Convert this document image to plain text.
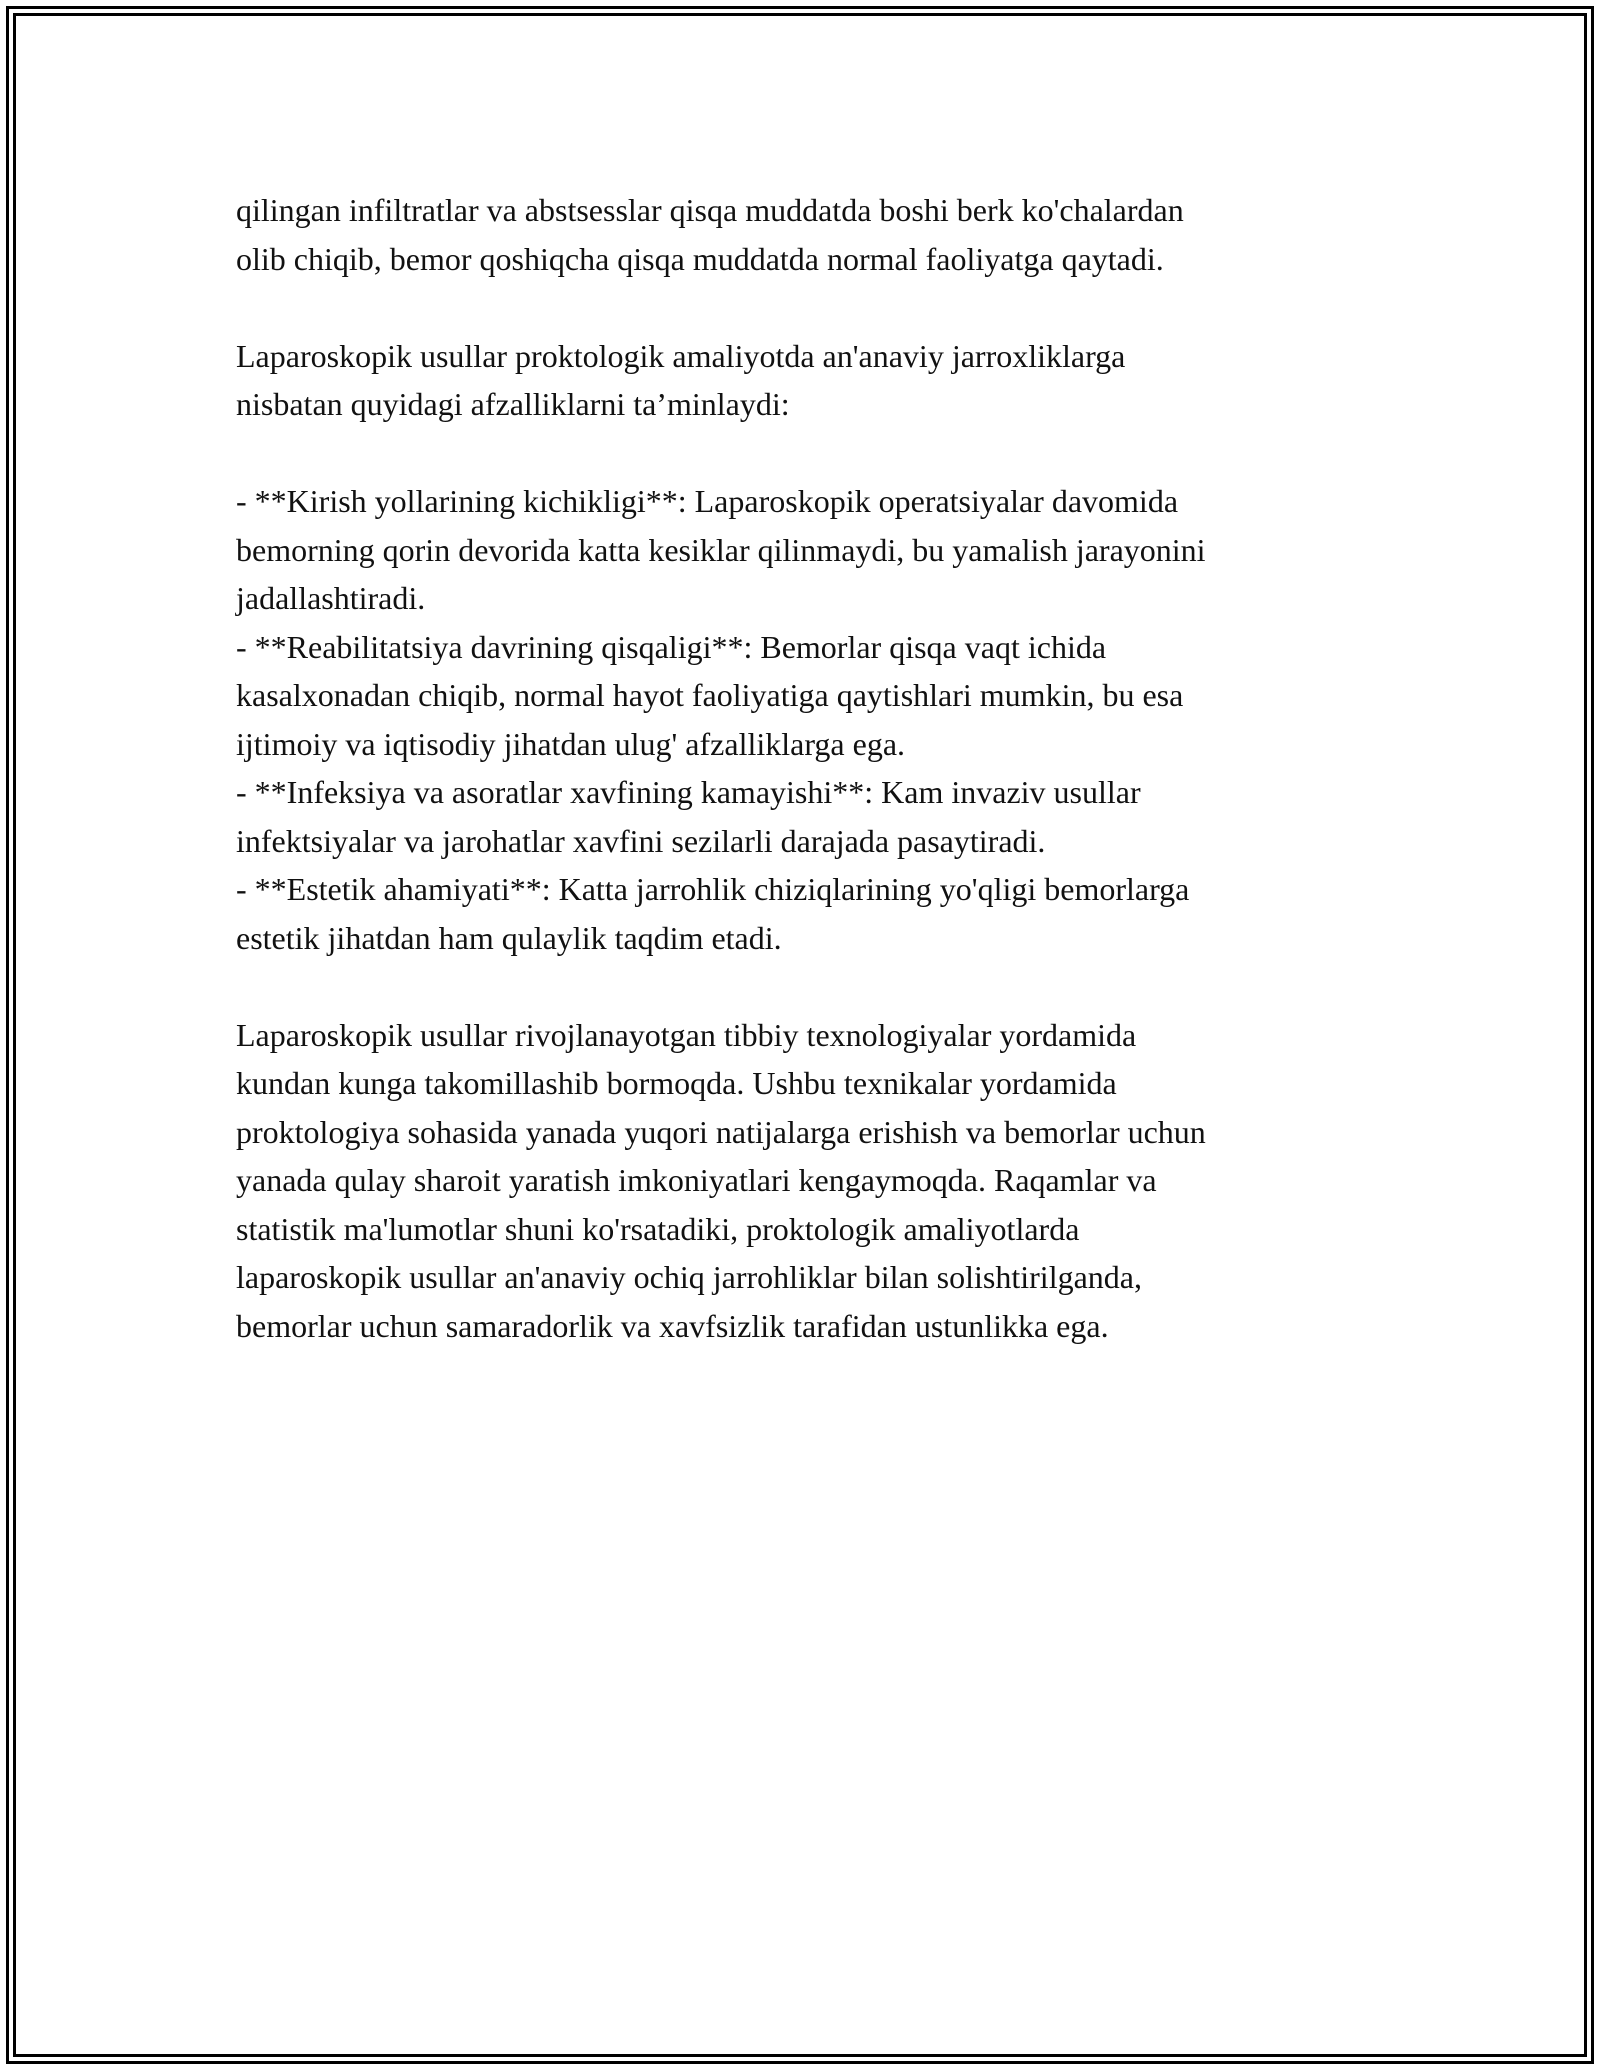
qilingan infiltratlar va abstsesslar qisqa muddatda boshi berk ko'chalardan
olib chiqib, bemor qoshiqcha qisqa muddatda normal faoliyatga qaytadi.

Laparoskopik usullar proktologik amaliyotda an'anaviy jarroxliklarga
nisbatan quyidagi afzalliklarni ta’minlaydi:

- **Kirish yollarining kichikligi**: Laparoskopik operatsiyalar davomida
bemorning qorin devorida katta kesiklar qilinmaydi, bu yamalish jarayonini
jadallashtiradi.
- **Reabilitatsiya davrining qisqaligi**: Bemorlar qisqa vaqt ichida
kasalxonadan chiqib, normal hayot faoliyatiga qaytishlari mumkin, bu esa
ijtimoiy va iqtisodiy jihatdan ulug' afzalliklarga ega.
- **Infeksiya va asoratlar xavfining kamayishi**: Kam invaziv usullar
infektsiyalar va jarohatlar xavfini sezilarli darajada pasaytiradi.
- **Estetik ahamiyati**: Katta jarrohlik chiziqlarining yo'qligi bemorlarga
estetik jihatdan ham qulaylik taqdim etadi.

Laparoskopik usullar rivojlanayotgan tibbiy texnologiyalar yordamida
kundan kunga takomillashib bormoqda. Ushbu texnikalar yordamida
proktologiya sohasida yanada yuqori natijalarga erishish va bemorlar uchun
yanada qulay sharoit yaratish imkoniyatlari kengaymoqda. Raqamlar va
statistik ma'lumotlar shuni ko'rsatadiki, proktologik amaliyotlarda
laparoskopik usullar an'anaviy ochiq jarrohliklar bilan solishtirilganda,
bemorlar uchun samaradorlik va xavfsizlik tarafidan ustunlikka ega.
